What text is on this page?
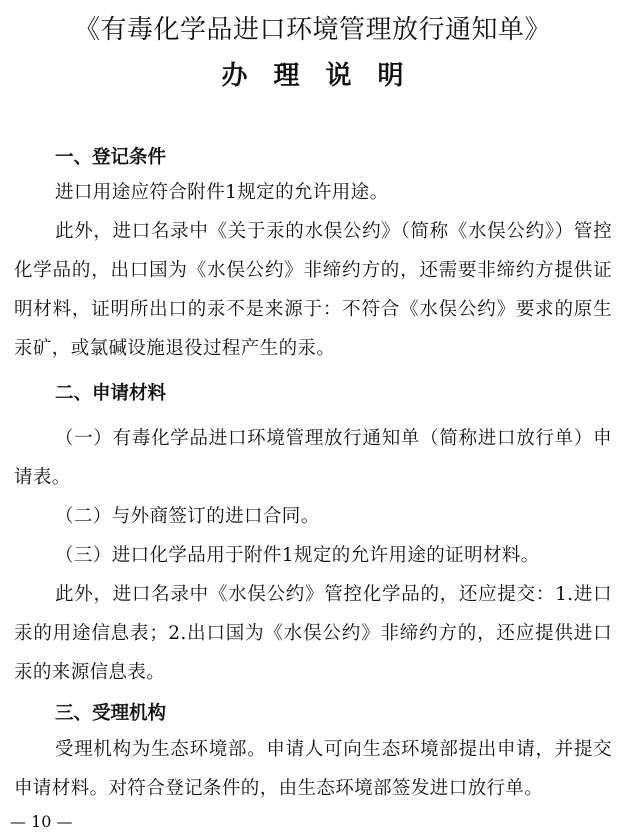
《有毒化学品进口环境管理放行通知单》
办理说明
一、登记条件
进口用途应符合附件1规定的允许用途。
此外，进口名录中《关于汞的水俣公约》（简称《水俣公约》）管控化学品的，出口国为《水俣公约》非缔约方的，还需要非缔约方提供证明材料，证明所出口的汞不是来源于：不符合《水俣公约》要求的原生汞矿，或氯碱设施退役过程产生的汞。
二、申请材料
（一）有毒化学品进口环境管理放行通知单（简称进口放行单）申请表。
（二）与外商签订的进口合同。
（三）进口化学品用于附件1规定的允许用途的证明材料。
此外，进口名录中《水俣公约》管控化学品的，还应提交：1.进口汞的用途信息表；2.出口国为《水俣公约》非缔约方的，还应提供进口汞的来源信息表。
三、受理机构
受理机构为生态环境部。申请人可向生态环境部提出申请，并提交申请材料。对符合登记条件的，由生态环境部签发进口放行单。
— 10 —
